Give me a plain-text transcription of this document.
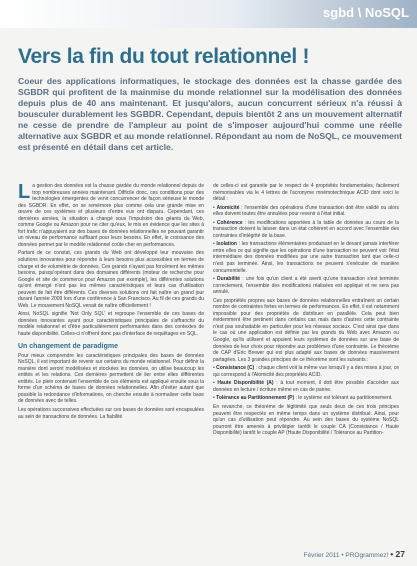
sgbd \ NoSQL
Vers la fin du tout relationnel !

Coeur des applications informatiques, le stockage des données est la chasse gardée des SGBDR qui profitent de la mainmise du monde relationnel sur la modélisation des données depuis plus de 40 ans maintenant. Et jusqu'alors, aucun concurrent sérieux n'a réussi à bousculer durablement les SGBDR. Cependant, depuis bientôt 2 ans un mouvement alternatif ne cesse de prendre de l'ampleur au point de s'imposer aujourd'hui comme une réelle alternative aux SGBDR et au monde relationnel. Répondant au nom de NoSQL, ce mouvement est présenté en détail dans cet article.

La gestion des données est la chasse gardée du monde relationnel depuis de trop nombreuses années maintenant. Difficile donc, ces conditions pour des technologies émergentes de venir concurrencer de façon sérieuse le monde des SGBDR. En effet, on se remémore plus comme cela une grande mise en œuvre de ces systèmes et plusieurs d'entre eux ont disparu. Cependant, ces dernières années, la situation a changé sous l'impulsion des géants du Web, comme Google ou Amazon pour ne citer qu'eux, le mis en évidence que les sites à fort trafic n'appuyaient sur des bases de données relationnelles ne pouvant garantir un niveau de performance suffisant pour leurs besoins. En effet, le croissance des données permet par le modèle relationnel coûte cher en performances.

Partant de ce constat, ces grands du Web ont développé leur mouvaise des solutions innovantes pour répondre à leurs besoins plus accessibles en termes de charge et de volumétrie de données. Ces grands n'ayant pas forcément les mêmes besoins, puisqu'opérant dans des domaines différents (moteur de recherche pour Google et site de commerce pour Amazon par exemple), les différentes solutions qu'ont émergé n'ont pas les mêmes caractéristiques et leurs cas d'utilisation peuvent de fait être différents. Ces diverses solutions ont fait naître un grand jour durant l'année 2009 lors d'une conférence à San Francisco. Au fil de ces grands du Web. Le mouvement NoSQL venait de naître officiellement !

Ainsi, NoSQL signifie 'Not Only SQL' et regroupe l'ensemble de ces bases de données innovantes ayant pour caractéristiques principales de s'affranchir du modèle relationnel et d'être particulièrement performantes dans des contextes de haute disponibilité. Celles-ci n'offrent donc pas d'interface de requêtages en SQL.

Un changement de paradigme

Pour mieux comprendre les caractéristiques principales des bases de données NoSQL, il est important de revenir sur certains du monde relationnel. Pour définir la manière dont seront modélisées et stockées les données, on utilise beaucoup les entités et les relations. Ces dernières permettent de lier entre elles différentes entités. Le plein contenant l'ensemble de ces éléments est appliqué ensuite sous la forme d'un schéma de bases de données relationnelles. Afin d'éviter autant que possible la redondance d'informations, on cherche ensuite à normaliser cette base de données avec de telles.

Les opérations successives effectuées sur ces bases de données sont encapsulées au sein de transactions de données. La fiabilité

de celles-ci est garantie par le respect de 4 propriétés fondamentales, facilement mémorisables via le 4 lettres de l'acronyme mnémotechnique ACID dont voici le détail :

• Atomicité : l'ensemble des opérations d'une transaction doit être validé ou alors elles doivent toutes être annulées pour revenir à l'état initial.

• Cohérence : les modifications apportées à la table de données au cours de la transaction doivent la laisser dans un état cohérent en accord avec l'ensemble des contraintes d'intégrité de la base.

• Isolation : les transactions élémentaires produisant en le devant jamais interférer entre elles ce qui signifie que les opérations d'une transaction ne peuvent voir l'état intermédiaire des données modifiées par une autre transaction tant que celle-ci n'est pas terminée. Ainsi, les transactions ne peuvent s'exécuter de manière concurrentielle.

• Durabilité : une fois qu'un client a été averti qu'une transaction s'est terminée correctement, l'ensemble des modifications réalisées est appliqué et ne sera pas annulé.

Ces propriétés propres aux bases de données relationnelles entraînent un certain nombre de contraintes fortes en termes de performances. En effet, il est notamment impossible pour des propriétés de distribuer en parallèle. Cela peut bien évidemment être pertinent dans certains cas mais dans d'autres cette contrainte n'est pas souhaitable en particulier pour les réseaux sociaux. C'est ainsi que dans le cas où une application est définie par les grands du Web avec Amazon ou Google, qu'ils utilisent et appuient leurs systèmes de données sur une base de données de leur choix pour répondre aux problèmes d'une contrainte. Le théorème de CAP d'Eric Brewer qui est plus adapté aux bases de données massivement partagées. Les 3 grandes principes de ce théorème sont les suivants :

• Consistance (C) : chaque client voit la même vue lorsqu'il y a des mises à jour, ce qui correspond à l'Atomicité des propriétés ACID.

• Haute Disponibilité (A) : à tout moment, il doit être possible d'accéder aux données en lecture / écriture même en cas de panne.

• Tolérance au Partitionnement (P) : le système est tolérant au partitionnement.

En revanche, ce théorème de légitimité que seuls deux de ces trois principes peuvent être respectés en même temps dans un système distribué. Ainsi, pour qu'un cas d'utilisation peut répondre. Au sein des bases du système NoSQL pourront être amenés à privilégier tantôt le couple CA (Consistance / Haute Disponibilité) tantôt le couple AP (Haute Disponibilité / Tolérance au Partition-

Février 2011 • PROgrammez! • 27
